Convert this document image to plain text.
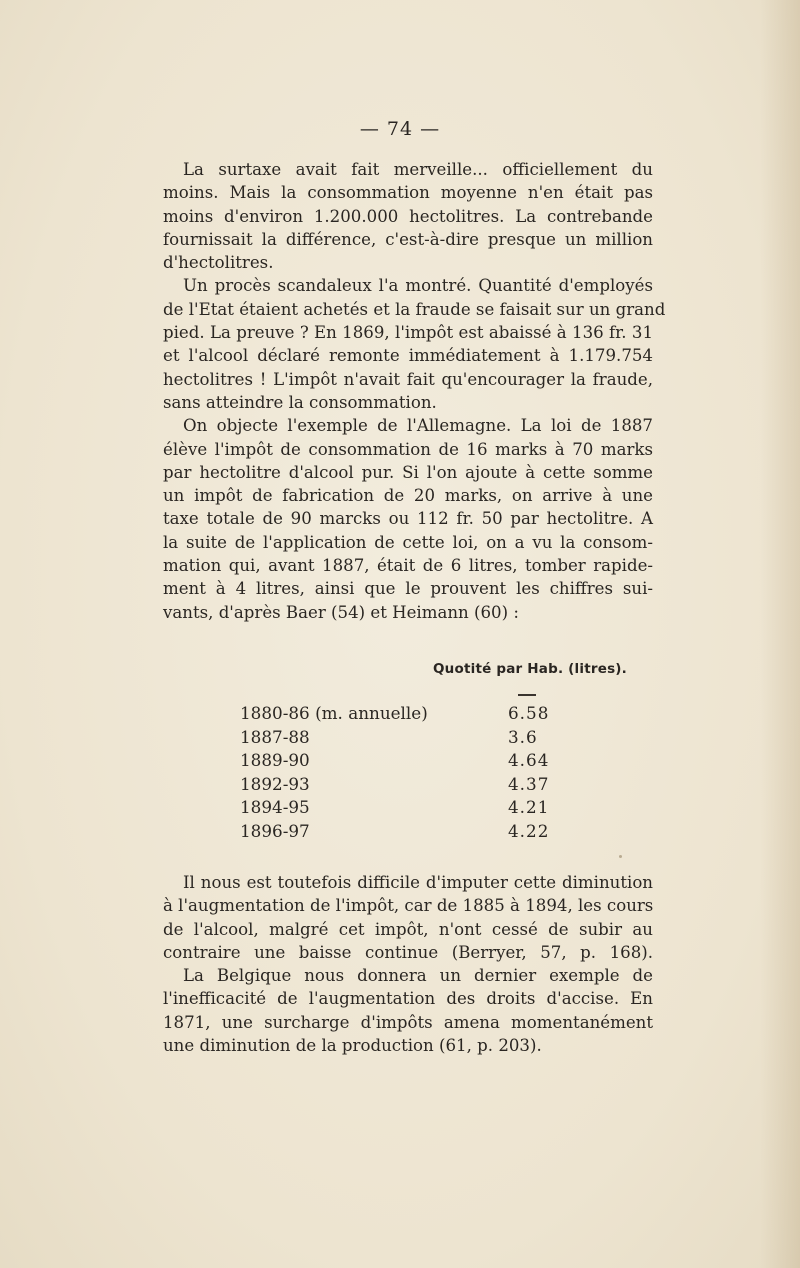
— 74 —
La surtaxe avait fait merveille... officiellement du
moins. Mais la consommation moyenne n'en était pas
moins d'environ 1.200.000 hectolitres. La contrebande
fournissait la différence, c'est-à-dire presque un million
d'hectolitres.
Un procès scandaleux l'a montré. Quantité d'employés
de l'Etat étaient achetés et la fraude se faisait sur un grand
pied. La preuve ? En 1869, l'impôt est abaissé à 136 fr. 31
et l'alcool déclaré remonte immédiatement à 1.179.754
hectolitres ! L'impôt n'avait fait qu'encourager la fraude,
sans atteindre la consommation.
On objecte l'exemple de l'Allemagne. La loi de 1887
élève l'impôt de consommation de 16 marks à 70 marks
par hectolitre d'alcool pur. Si l'on ajoute à cette somme
un impôt de fabrication de 20 marks, on arrive à une
taxe totale de 90 marcks ou 112 fr. 50 par hectolitre. A
la suite de l'application de cette loi, on a vu la consom-
mation qui, avant 1887, était de 6 litres, tomber rapide-
ment à 4 litres, ainsi que le prouvent les chiffres sui-
vants, d'après Baer (54) et Heimann (60) :
Quotité par Hab. (litres).
1880-86 (m. annuelle)	6.58
1887-88	3.6
1889-90	4.64
1892-93	4.37
1894-95	4.21
1896-97	4.22
Il nous est toutefois difficile d'imputer cette diminution
à l'augmentation de l'impôt, car de 1885 à 1894, les cours
de l'alcool, malgré cet impôt, n'ont cessé de subir au
contraire une baisse continue (Berryer, 57, p. 168).
La Belgique nous donnera un dernier exemple de
l'inefficacité de l'augmentation des droits d'accise. En
1871, une surcharge d'impôts amena momentanément
une diminution de la production (61, p. 203).
